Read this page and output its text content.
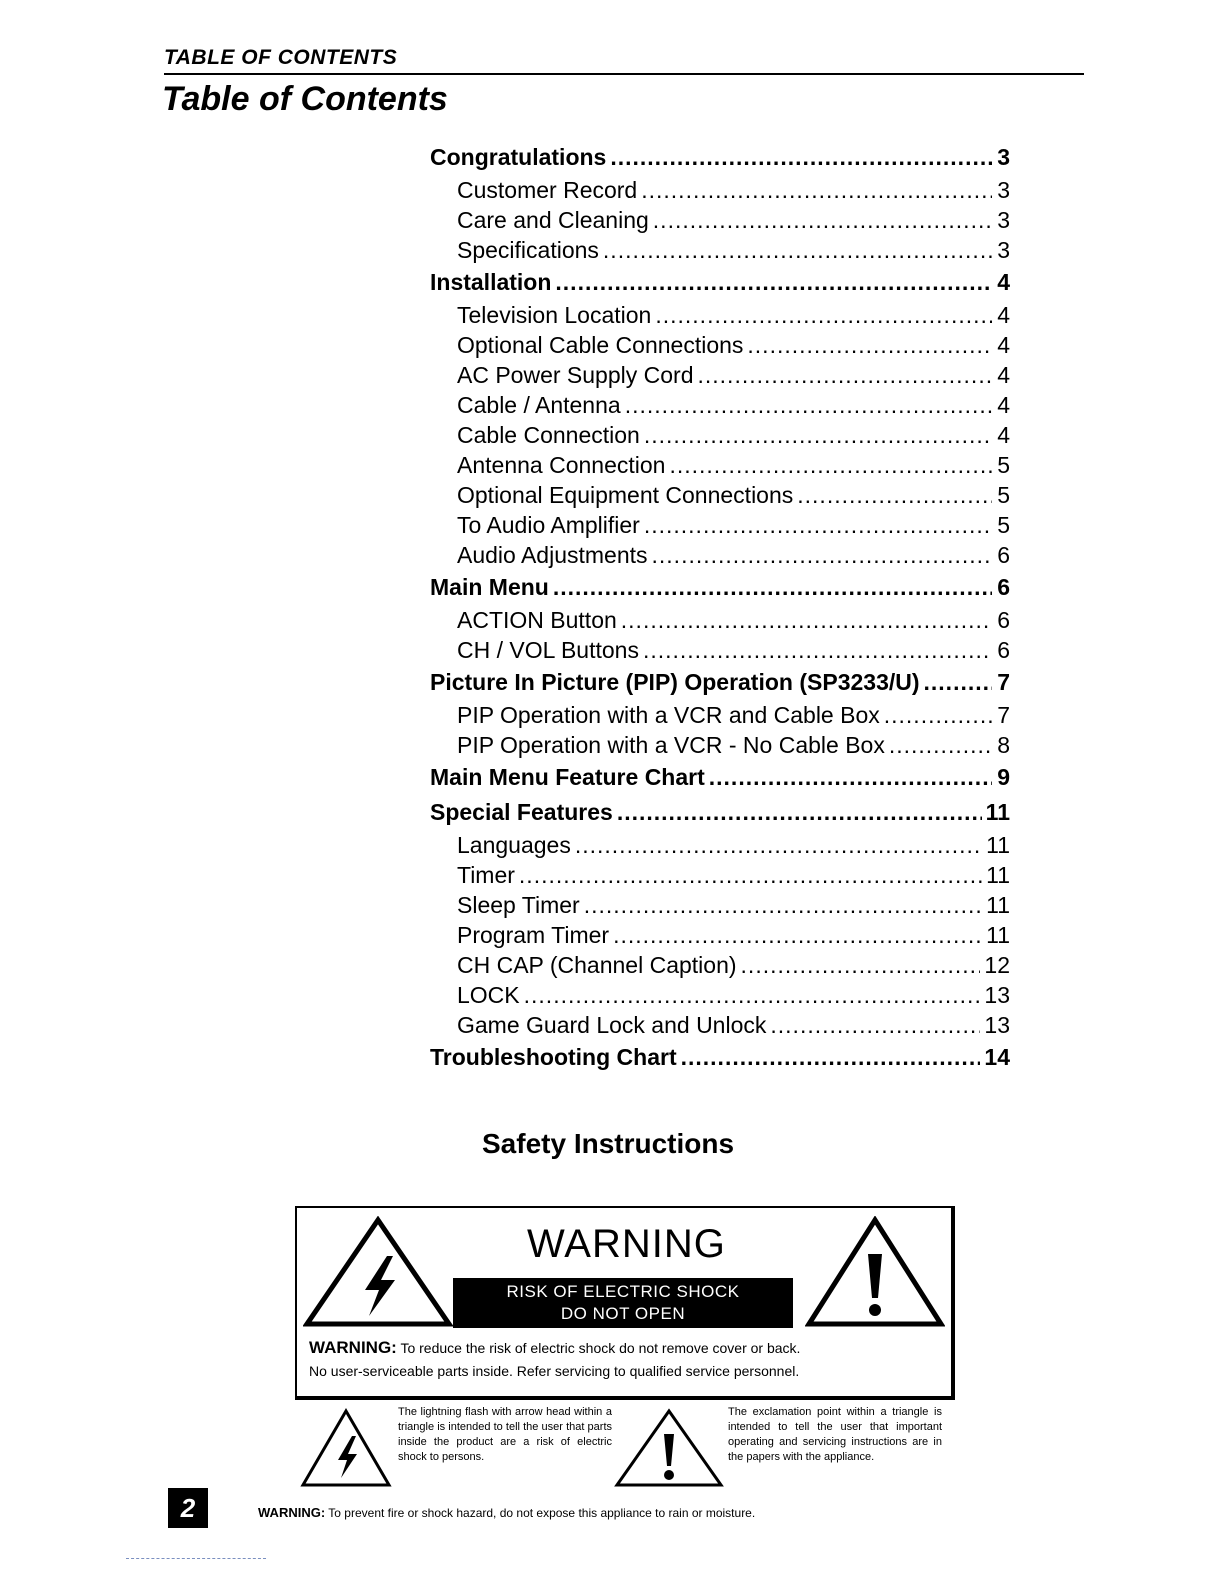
TABLE OF CONTENTS
Table of Contents
Congratulations .....	3
Customer Record .....	3
Care and Cleaning .....	3
Specifications .....	3
Installation .....	4
Television Location .....	4
Optional Cable Connections .....	4
AC Power Supply Cord .....	4
Cable / Antenna .....	4
Cable Connection .....	4
Antenna Connection .....	5
Optional Equipment Connections .....	5
To Audio Amplifier .....	5
Audio Adjustments .....	6
Main Menu .....	6
ACTION Button .....	6
CH / VOL Buttons .....	6
Picture In Picture (PIP) Operation (SP3233/U) .....	7
PIP Operation with a VCR and Cable Box .....	7
PIP Operation with a VCR - No Cable Box .....	8
Main Menu Feature Chart .....	9
Special Features .....	11
Languages .....	11
Timer .....	11
Sleep Timer .....	11
Program Timer .....	11
CH CAP (Channel Caption) .....	12
LOCK .....	13
Game Guard Lock and Unlock .....	13
Troubleshooting Chart .....	14
Safety Instructions
WARNING
RISK OF ELECTRIC SHOCK
DO NOT OPEN
WARNING: To reduce the risk of electric shock do not remove cover or back.
No user-serviceable parts inside. Refer servicing to qualified service personnel.
The lightning flash with arrow head within a triangle is intended to tell the user that parts inside the product are a risk of electric shock to persons.
The exclamation point within a triangle is intended to tell the user that important operating and servicing instructions are in the papers with the appliance.
2	WARNING: To prevent fire or shock hazard, do not expose this appliance to rain or moisture.
